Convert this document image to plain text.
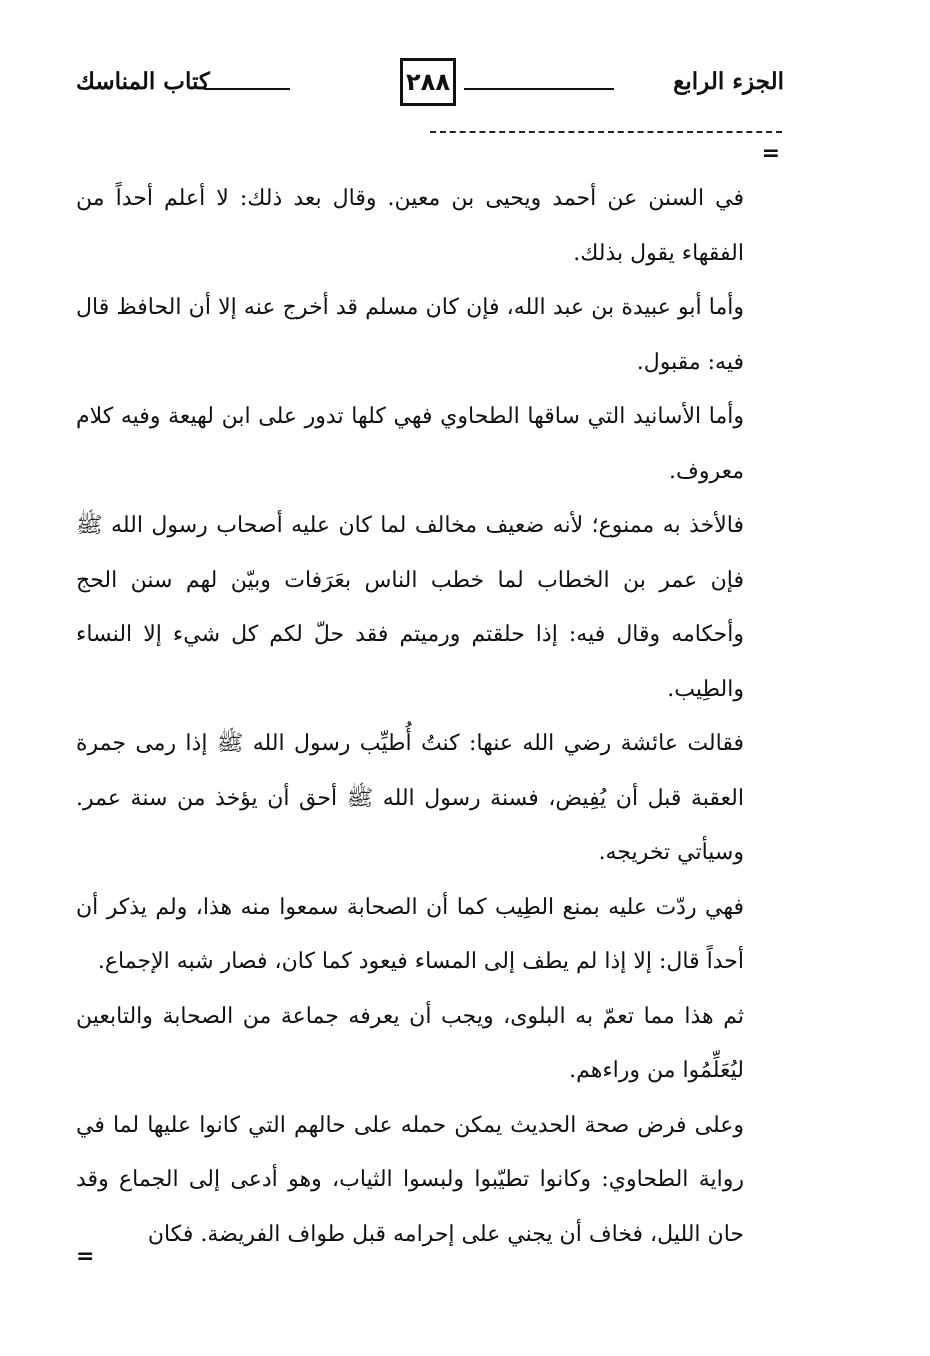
الجزء الرابع
٢٨٨
كتاب المناسك
=

في السنن عن أحمد ويحيى بن معين. وقال بعد ذلك: لا أعلم أحداً من الفقهاء يقول بذلك.

وأما أبو عبيدة بن عبد الله، فإن كان مسلم قد أخرج عنه إلا أن الحافظ قال فيه: مقبول.

وأما الأسانيد التي ساقها الطحاوي فهي كلها تدور على ابن لهيعة وفيه كلام معروف.

فالأخذ به ممنوع؛ لأنه ضعيف مخالف لما كان عليه أصحاب رسول الله ﷺ فإن عمر بن الخطاب لما خطب الناس بعَرَفات وبيّن لهم سنن الحج وأحكامه وقال فيه: إذا حلقتم ورميتم فقد حلّ لكم كل شيء إلا النساء والطِيب.

فقالت عائشة رضي الله عنها: كنتُ أُطيِّب رسول الله ﷺ إذا رمى جمرة العقبة قبل أن يُفِيض، فسنة رسول الله ﷺ أحق أن يؤخذ من سنة عمر. وسيأتي تخريجه.

فهي ردّت عليه بمنع الطِيب كما أن الصحابة سمعوا منه هذا، ولم يذكر أن أحداً قال: إلا إذا لم يطف إلى المساء فيعود كما كان، فصار شبه الإجماع.

ثم هذا مما تعمّ به البلوى، ويجب أن يعرفه جماعة من الصحابة والتابعين ليُعَلِّمُوا من وراءهم.

وعلى فرض صحة الحديث يمكن حمله على حالهم التي كانوا عليها لما في رواية الطحاوي: وكانوا تطيّبوا ولبسوا الثياب، وهو أدعى إلى الجماع وقد حان الليل، فخاف أن يجني على إحرامه قبل طواف الفريضة. فكان

=
